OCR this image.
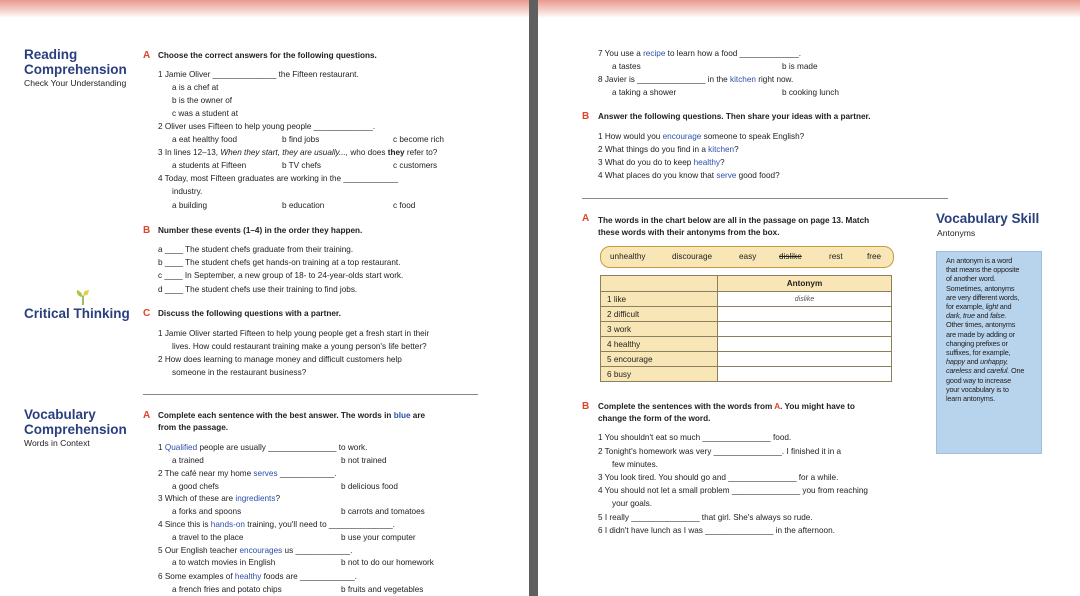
Reading
Comprehension
Check Your Understanding
A Choose the correct answers for the following questions.
1 Jamie Oliver ______________ the Fifteen restaurant.
a is a chef at
b is the owner of
c was a student at
2 Oliver uses Fifteen to help young people _____________.
a eat healthy food	b find jobs	c become rich
3 In lines 12–13, When they start, they are usually..., who does they refer to?
a students at Fifteen	b TV chefs	c customers
4 Today, most Fifteen graduates are working in the ____________
industry.
a building	b education	c food
B Number these events (1–4) in the order they happen.
a ____ The student chefs graduate from their training.
b ____ The student chefs get hands-on training at a top restaurant.
c ____ In September, a new group of 18- to 24-year-olds start work.
d ____ The student chefs use their training to find jobs.
Critical Thinking C Discuss the following questions with a partner.
1 Jamie Oliver started Fifteen to help young people get a fresh start in their
lives. How could restaurant training make a young person's life better?
2 How does learning to manage money and difficult customers help
someone in the restaurant business?
Vocabulary
Comprehension
Words in Context
A Complete each sentence with the best answer. The words in blue are
from the passage.
1 Qualified people are usually _______________ to work.
a trained	b not trained
2 The café near my home serves ____________.
a good chefs	b delicious food
3 Which of these are ingredients?
a forks and spoons	b carrots and tomatoes
4 Since this is hands-on training, you'll need to ______________.
a travel to the place	b use your computer
5 Our English teacher encourages us ____________.
a to watch movies in English	b not to do our homework
6 Some examples of healthy foods are ____________.
a french fries and potato chips	b fruits and vegetables
7 You use a recipe to learn how a food _____________.
a tastes	b is made
8 Javier is _______________ in the kitchen right now.
a taking a shower	b cooking lunch
B Answer the following questions. Then share your ideas with a partner.
1 How would you encourage someone to speak English?
2 What things do you find in a kitchen?
3 What do you do to keep healthy?
4 What places do you know that serve good food?
Vocabulary Skill
Antonyms
A The words in the chart below are all in the passage on page 13. Match
these words with their antonyms from the box.
unhealthy	discourage	easy	dislike	rest	free
	Antonym
1 like	dislike
2 difficult	
3 work	
4 healthy	
5 encourage	
6 busy	

An antonym is a word
that means the opposite
of another word.
Sometimes, antonyms
are very different words,
for example, light and
dark, true and false.
Other times, antonyms
are made by adding or
changing prefixes or
suffixes, for example,
happy and unhappy,
careless and careful. One
good way to increase
your vocabulary is to
learn antonyms.

B Complete the sentences with the words from A. You might have to
change the form of the word.
1 You shouldn't eat so much _______________ food.
2 Tonight's homework was very _______________. I finished it in a
few minutes.
3 You look tired. You should go and _______________ for a while.
4 You should not let a small problem _______________ you from reaching
your goals.
5 I really _______________ that girl. She's always so rude.
6 I didn't have lunch as I was _______________ in the afternoon.
